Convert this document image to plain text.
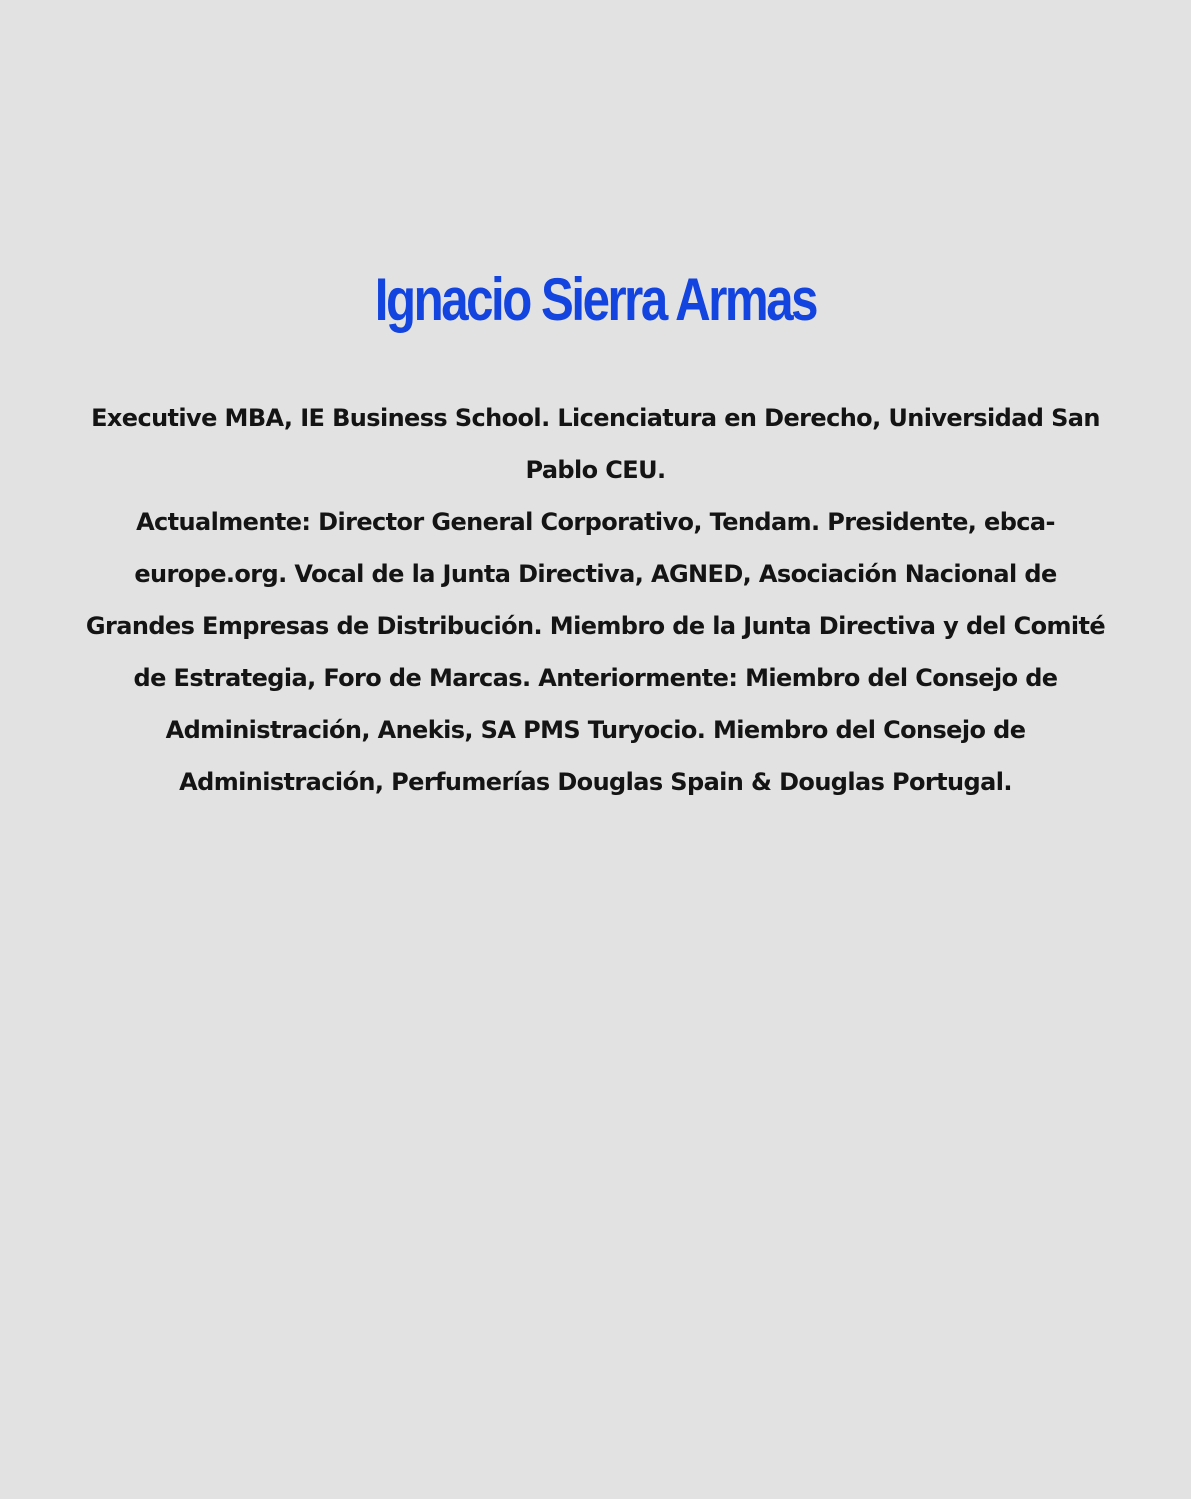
Ignacio Sierra Armas

Executive MBA, IE Business School. Licenciatura en Derecho, Universidad San Pablo CEU.

Actualmente: Director General Corporativo, Tendam. Presidente, ebca-europe.org. Vocal de la Junta Directiva, AGNED, Asociación Nacional de Grandes Empresas de Distribución. Miembro de la Junta Directiva y del Comité de Estrategia, Foro de Marcas. Anteriormente: Miembro del Consejo de Administración, Anekis, SA PMS Turyocio. Miembro del Consejo de Administración, Perfumerías Douglas Spain & Douglas Portugal.
